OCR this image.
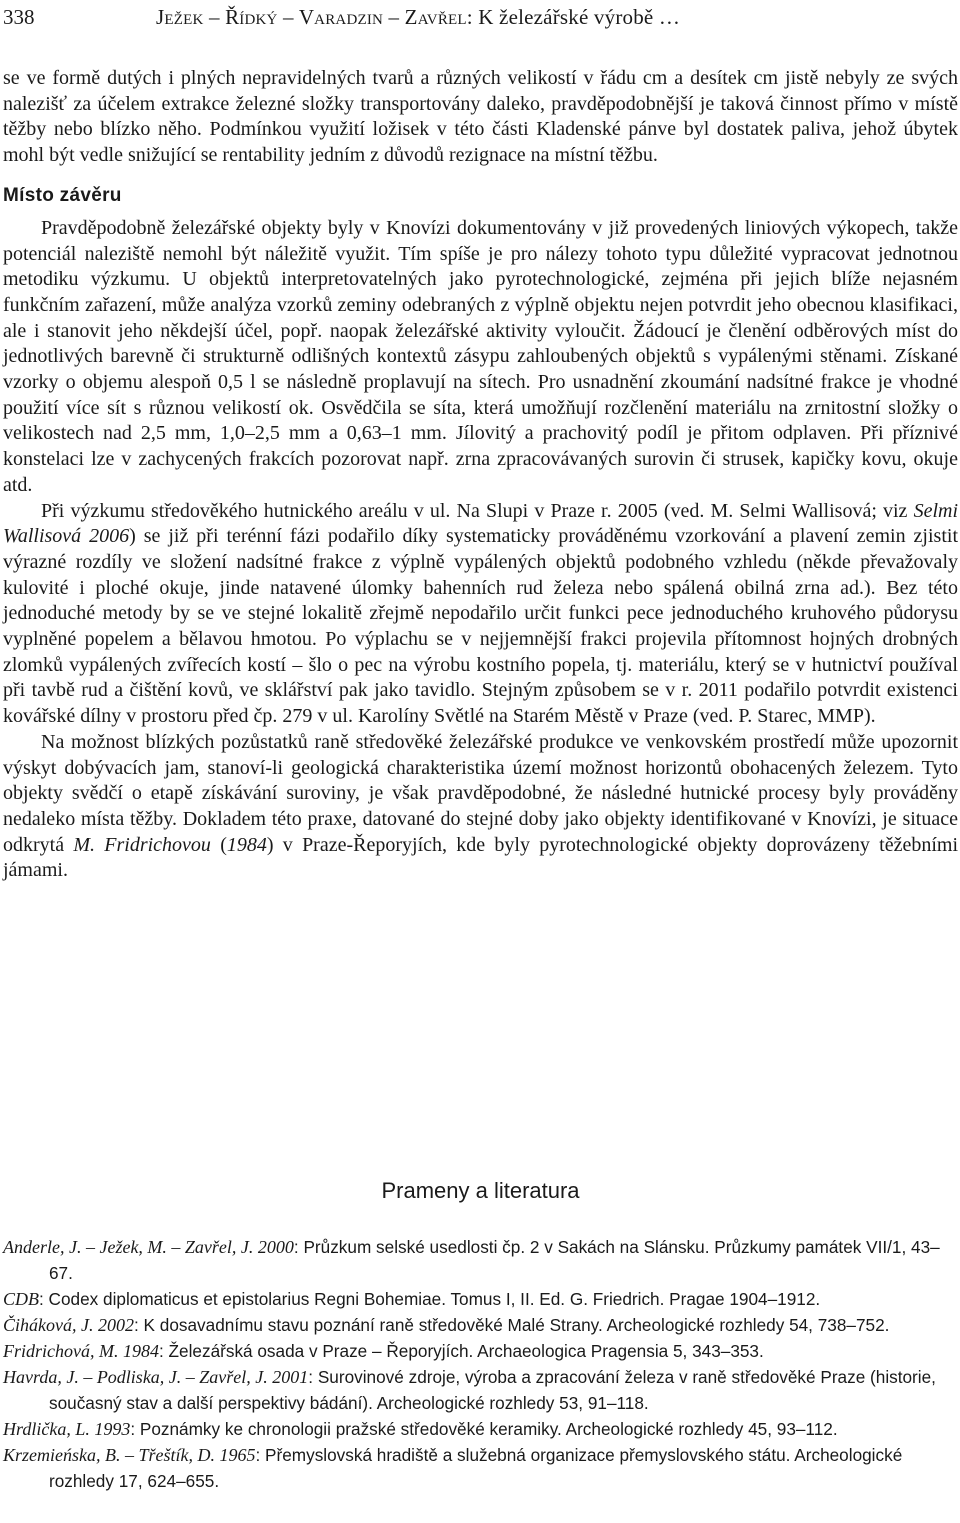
338	Ježek – Řídký – Varadzin – Zavřel: K železářské výrobě …

se ve formě dutých i plných nepravidelných tvarů a různých velikostí v řádu cm a desítek cm jistě nebyly ze svých nalezišť za účelem extrakce železné složky transportovány daleko, pravděpodobnější je taková činnost přímo v místě těžby nebo blízko něho. Podmínkou využití ložisek v této části Kladenské pánve byl dostatek paliva, jehož úbytek mohl být vedle snižující se rentability jedním z důvodů rezignace na místní těžbu.

Místo závěru

Pravděpodobně železářské objekty byly v Knovízi dokumentovány v již provedených liniových výkopech, takže potenciál naleziště nemohl být náležitě využit. Tím spíše je pro nálezy tohoto typu důležité vypracovat jednotnou metodiku výzkumu. U objektů interpretovatelných jako pyrotechnologické, zejména při jejich blíže nejasném funkčním zařazení, může analýza vzorků zeminy odebraných z výplně objektu nejen potvrdit jeho obecnou klasifikaci, ale i stanovit jeho někdejší účel, popř. naopak železářské aktivity vyloučit. Žádoucí je členění odběrových míst do jednotlivých barevně či strukturně odlišných kontextů zásypu zahloubených objektů s vypálenými stěnami. Získané vzorky o objemu alespoň 0,5 l se následně proplavují na sítech. Pro usnadnění zkoumání nadsítné frakce je vhodné použití více sít s různou velikostí ok. Osvědčila se síta, která umožňují rozčlenění materiálu na zrnitostní složky o velikostech nad 2,5 mm, 1,0–2,5 mm a 0,63–1 mm. Jílovitý a prachovitý podíl je přitom odplaven. Při příznivé konstelaci lze v zachycených frakcích pozorovat např. zrna zpracovávaných surovin či strusek, kapičky kovu, okuje atd.

Při výzkumu středověkého hutnického areálu v ul. Na Slupi v Praze r. 2005 (ved. M. Selmi Wallisová; viz Selmi Wallisová 2006) se již při terénní fázi podařilo díky systematicky prováděnému vzorkování a plavení zemin zjistit výrazné rozdíly ve složení nadsítné frakce z výplně vypálených objektů podobného vzhledu (někde převažovaly kulovité i ploché okuje, jinde natavené úlomky bahenních rud železa nebo spálená obilná zrna ad.). Bez této jednoduché metody by se ve stejné lokalitě zřejmě nepodařilo určit funkci pece jednoduchého kruhového půdorysu vyplněné popelem a bělavou hmotou. Po výplachu se v nejjemnější frakci projevila přítomnost hojných drobných zlomků vypálených zvířecích kostí – šlo o pec na výrobu kostního popela, tj. materiálu, který se v hutnictví používal při tavbě rud a čištění kovů, ve sklářství pak jako tavidlo. Stejným způsobem se v r. 2011 podařilo potvrdit existenci kovářské dílny v prostoru před čp. 279 v ul. Karolíny Světlé na Starém Městě v Praze (ved. P. Starec, MMP).

Na možnost blízkých pozůstatků raně středověké železářské produkce ve venkovském prostředí může upozornit výskyt dobývacích jam, stanoví-li geologická charakteristika území možnost horizontů obohacených železem. Tyto objekty svědčí o etapě získávání suroviny, je však pravděpodobné, že následné hutnické procesy byly prováděny nedaleko místa těžby. Dokladem této praxe, datované do stejné doby jako objekty identifikované v Knovízi, je situace odkrytá M. Fridrichovou (1984) v Praze-Řeporyjích, kde byly pyrotechnologické objekty doprovázeny těžebními jámami.

Prameny a literatura
Anderle, J. – Ježek, M. – Zavřel, J. 2000: Průzkum selské usedlosti čp. 2 v Sakách na Slánsku. Průzkumy památek VII/1, 43–67.
CDB: Codex diplomaticus et epistolarius Regni Bohemiae. Tomus I, II. Ed. G. Friedrich. Pragae 1904–1912.
Čiháková, J. 2002: K dosavadnímu stavu poznání raně středověké Malé Strany. Archeologické rozhledy 54, 738–752.
Fridrichová, M. 1984: Železářská osada v Praze – Řeporyjích. Archaeologica Pragensia 5, 343–353.
Havrda, J. – Podliska, J. – Zavřel, J. 2001: Surovinové zdroje, výroba a zpracování železa v raně středověké Praze (historie, současný stav a další perspektivy bádání). Archeologické rozhledy 53, 91–118.
Hrdlička, L. 1993: Poznámky ke chronologii pražské středověké keramiky. Archeologické rozhledy 45, 93–112.
Krzemieńska, B. – Třeštík, D. 1965: Přemyslovská hradiště a služebná organizace přemyslovského státu. Archeologické rozhledy 17, 624–655.
